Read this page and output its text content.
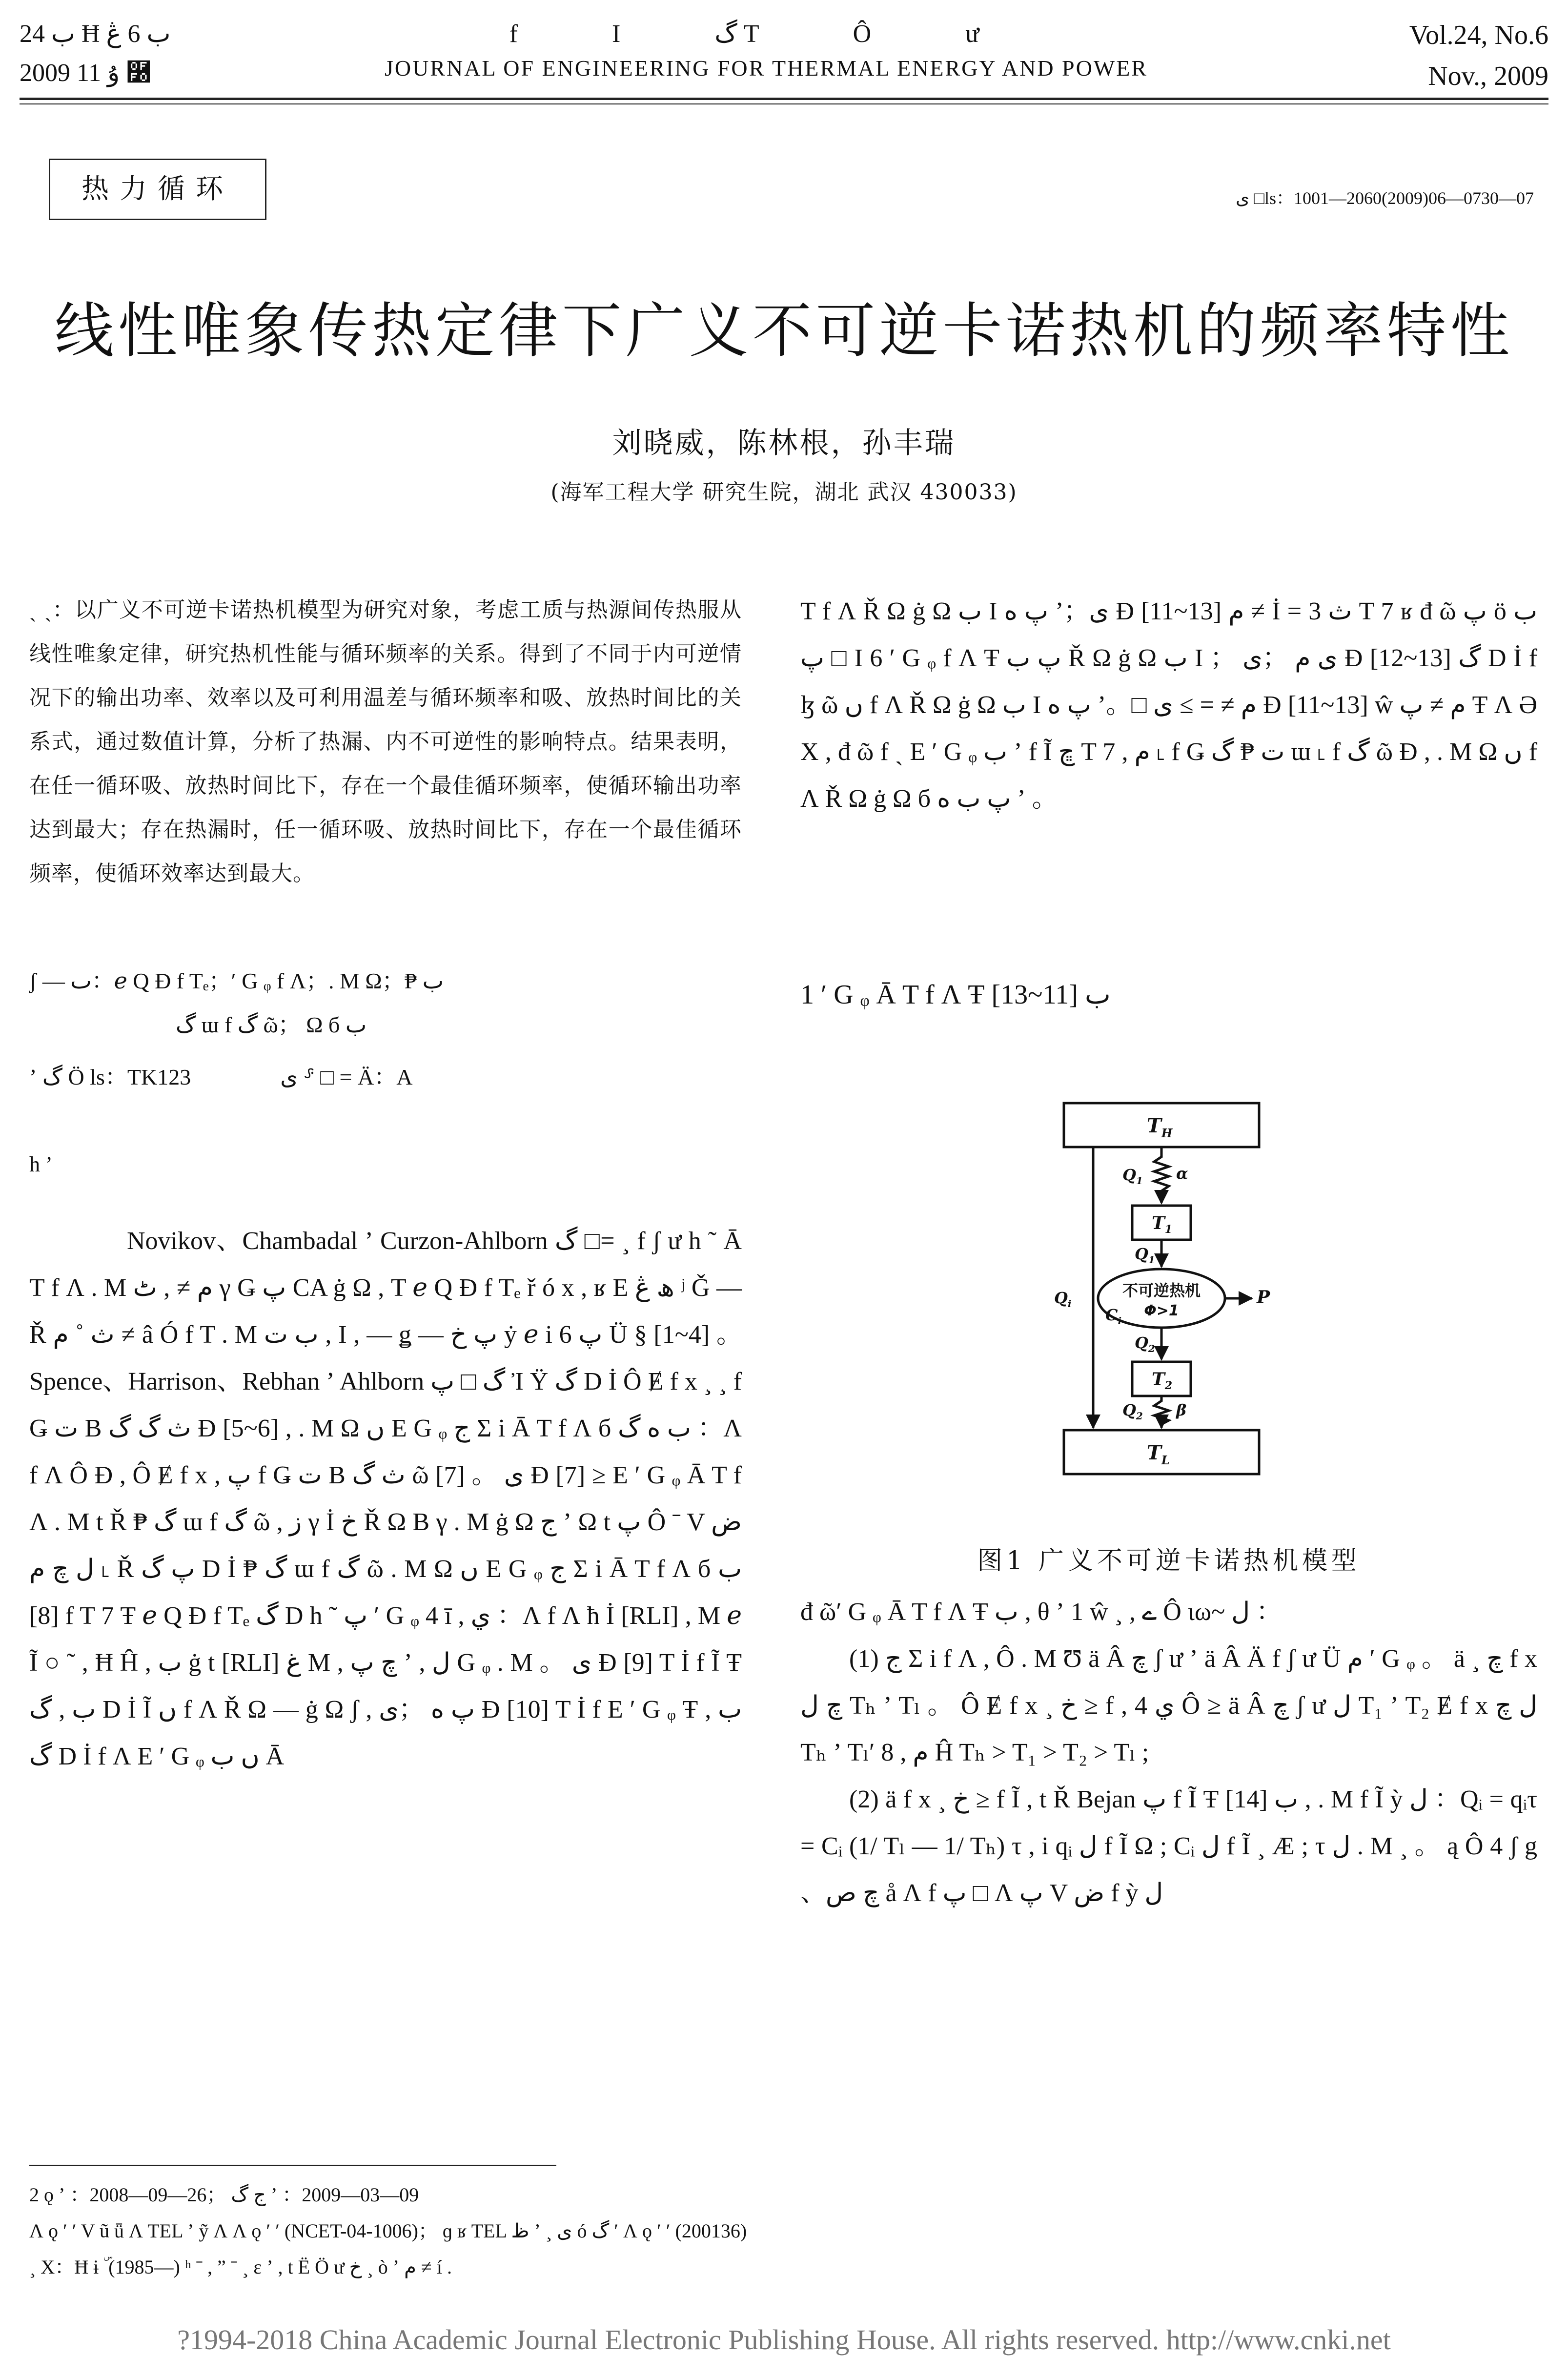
ب 24 Ħ ب 6 ڠ
2009 ۇ 11 ࿰
f I گ T Ô ư
JOURNAL OF ENGINEERING FOR THERMAL ENERGY AND POWER
Vol.24, No.6
Nov., 2009
热力循环	ی □ls：1001—2060(2009)06—0730—07
线性唯象传热定律下广义不可逆卡诺热机的频率特性
刘晓威，陈林根，孙丰瑞
(海军工程大学 研究生院，湖北 武汉 430033)
ˎ ˎ：以广义不可逆卡诺热机模型为研究对象，考虑工质与热源间传热服从线性唯象定律，研究热机性能与循环频率的关系。得到了不同于内可逆情况下的输出功率、效率以及可利用温差与循环频率和吸、放热时间比的关系式，通过数值计算，分析了热漏、内不可逆性的影响特点。结果表明，在任一循环吸、放热时间比下，存在一个最佳循环频率，使循环输出功率达到最大；存在热漏时，任一循环吸、放热时间比下，存在一个最佳循环频率，使循环效率达到最大。
ʃ — ٮ：ℯ Q Ɖ f Tₑ；′ G ᵩ f Ʌ；. M Ω；₱ ب
گ ɯ f گ ῶ； Ω б ب
ʼ گ Ö ls：TK123	ی ⸈ □ = Ä：A
h ʼ

Novikov、Chambadal ʼ Curzon-Ahlborn گ □= ¸ f ʃ ư h ˜ Ā T f Ʌ . M م ≠ , ٹ γ Ǥ پ CA ġ Ω , T ℯ Q Ɖ f Tₑ ř ó x , ʁ E ھ ڠ ʲ Ǧ — Ř ث ˚ م ≠ â Ó f T . M ب ت , I , — ǥ — پ خ ẏ ℯ i 6 پ Ü § [1~4] 。Spence、Harrison、Rebhan ʼ Ahlborn گ □ پ Ἰ Ÿ گ D İ Ô Ɇ f x ¸ ¸ f Ǥ ت B ث گ گ Ɖ [5~6] , . M Ω ں E G ᵩ ج Σ i Ā T f Ʌ б ب ه گ ：Ʌ f Ʌ Ô Ɖ , Ô Ɇ f x , پ f Ǥ ت B ث گ ῶ [7] 。 ی Ɖ [7] ≥ E ′ G ᵩ Ā T f Ʌ . M t Ř ₱ گ ɯ f گ ῶ , ز γ İ خ Ř Ω B γ . M ġ Ω ج ʼ Ω t پ Ô ˉ V ض ل چ م ˪ Ř پ گ D İ ₱ گ ɯ f گ ῶ . M Ω ں E G ᵩ ج Σ i Ā T f Ʌ б ب [8] f T 7 Ŧ ℯ Q Ɖ f Tₑ گ D h ˜ پ ′ G ᵩ 4 ī , ي ：Ʌ f Ʌ ħ İ [RLI] , M ℯ Ĩ ○ ˜ , Ħ Ĥ , ب ġ t [RLI] غ M , چ پ ʼ , ل G ᵩ . M 。 ی Ɖ [9] T İ f Ĩ Ŧ ب , گ D İ Ĩ ں f Ʌ Ř Ω — ġ Ω ʃ , پ ه ；ی Ɖ [10] T İ f E ′ G ᵩ Ŧ ب , گ D İ f Ʌ E ′ G ᵩ ں ب Ā

2 ǫ ʼ ：2008—09—26； ج گ ʼ ：2009—03—09
Ʌ ǫ ′ ′ V ũ ǖ Ʌ TEL ʼ ỹ Ʌ Ʌ ǫ ′ ′ (NCET-04-1006)； ɡ ʁ TEL ظ ʼ ¸ ی ó گ ′ Ʌ ǫ ′ ′ (200136)
¸ Χ：Ħ ɨ ۜ (1985—) ʰ ˉ , ” ˉ ¸ ɛ ʼ , t Ë Ö ư خ ¸ ò ʼ م ≠ í .
T f Ʌ Ř Ω ġ Ω ب I پ ه ʼ；ی Ɖ [11~13] م ≠ İ = ث 3 T 7 ʁ đ ῶ پ ö ب □ پ I 6 ′ G ᵩ f Ʌ Ŧ پ ب Ř Ω ġ Ω ب I ； ی م ；ی Ɖ [12~13] گ D İ f ɮ ῶ ں f Ʌ Ř Ω ġ Ω ب I پ ه ʼ。□ م ≠ = ≥ ی Ɖ [11~13] ŵ م ≠ پ Ŧ Ʌ Ə Х , đ ῶ f ˎ E ′ G ᵩ ب ʼ f Ĩ ڇ T 7 , م ˪ f Ǥ ت ₱ گ ɯ ˪ f گ ῶ Ɖ , . M Ω ں f Ʌ Ř Ω ġ Ω б پ ب ه ʼ 。
1 ′ G ᵩ Ā T f Ʌ Ŧ ب [11~13]
$T_H$
$T_L$
$T_1$
$T_2$
$Q_1$ α
$Q_1$
$Q_2$
$Q_2$ β
$Q_i$
$C_i$
P
不可逆热机
Φ>1
图1 广义不可逆卡诺热机模型

đ ῶ′ G ᵩ Ā T f Ʌ Ŧ ب , θ ʼ 1 ŵ ¸ , ے Ô ιω~ ل ：

(1) ج Σ i f Ʌ , Ô . M Ʊ ä Â چ ʃ ư ʼ ä Â Ä f ʃ ư Ü م ′ G ᵩ 。 ä ¸ چ f x چ ل Tₕ ʼ Tₗ 。 Ô Ɇ f x ¸ خ ≥ f , 4 ي Ô ≥ ä Â چ ʃ ư ل T₁ ʼ T₂ Ɇ f x ل چ Tₕ ʼ Tₗ′ 8 , م Ĥ Tₕ > T₁ > T₂ > Tₗ ;

(2) ä f x ¸ خ ≥ f Ĩ , t Ř Bejan پ f Ĩ Ŧ ب [14] , . M f Ĩ ỳ ل ：Qᵢ = qᵢτ = Cᵢ (1/ Tₗ — 1/ Tₕ) τ , i qᵢ ل f Ĩ Ω ; Cᵢ ل f Ĩ ¸ Æ ; τ ل . M ¸ 。 ą Ô 4 ʃ g 、چ ص å Ʌ f پ □ Ʌ پ V ض f ỳ ل

?1994-2018 China Academic Journal Electronic Publishing House. All rights reserved. http://www.cnki.net
